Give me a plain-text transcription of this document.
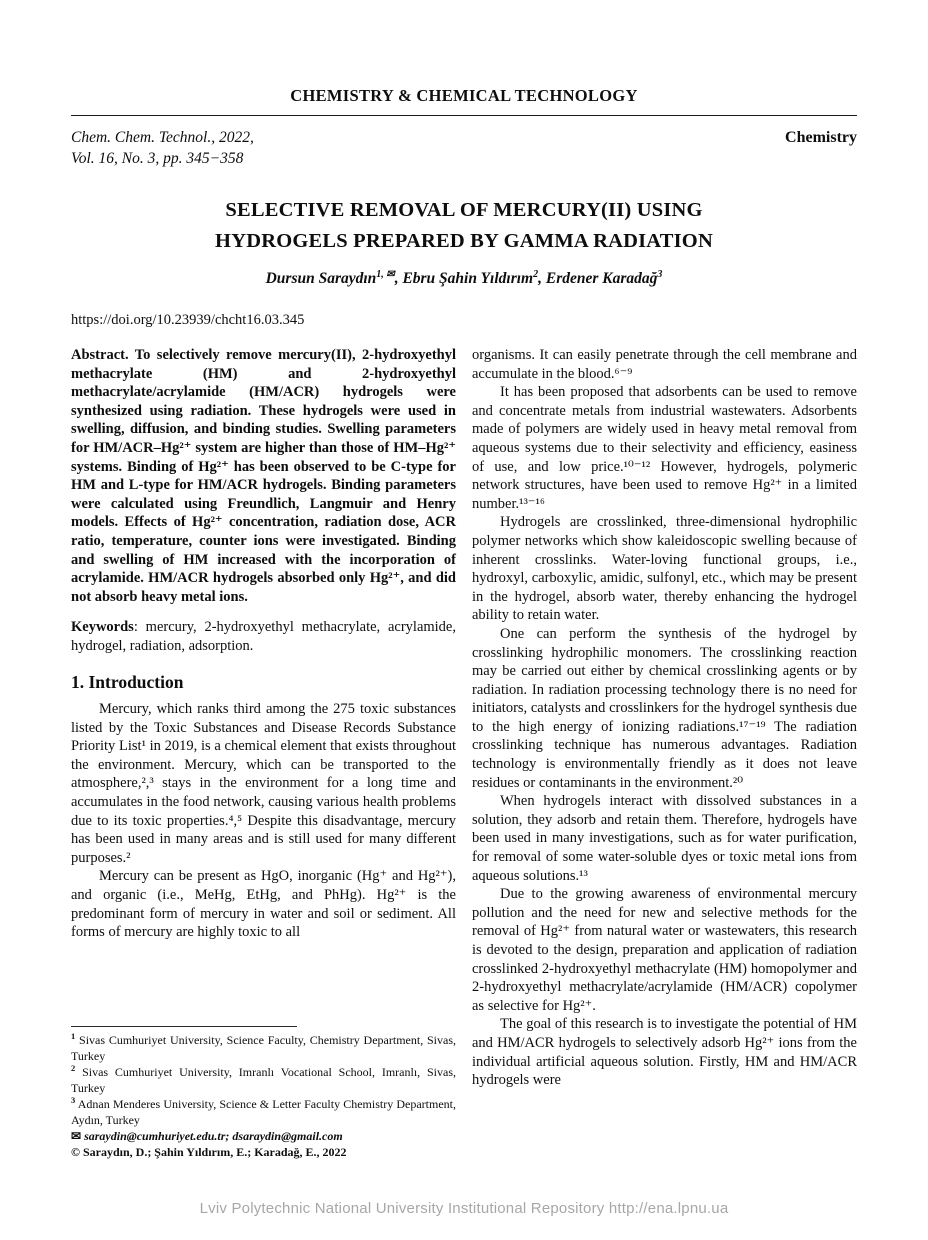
CHEMISTRY & CHEMICAL TECHNOLOGY
Chem. Chem. Technol., 2022,
Vol. 16, No. 3, pp. 345−358
Chemistry
SELECTIVE REMOVAL OF MERCURY(II) USING
HYDROGELS PREPARED BY GAMMA RADIATION
Dursun Saraydın$^{1, ✉}$, Ebru Şahin Yıldırım$^2$, Erdener Karadağ$^3$
https://doi.org/10.23939/chcht16.03.345

Abstract. To selectively remove mercury(II), 2-hydroxyethyl methacrylate (HM) and 2-hydroxyethyl methacrylate/acrylamide (HM/ACR) hydrogels were synthesized using radiation. These hydrogels were used in swelling, diffusion, and binding studies. Swelling parameters for HM/ACR–Hg²⁺ system are higher than those of HM–Hg²⁺ systems. Binding of Hg²⁺ has been observed to be C-type for HM and L-type for HM/ACR hydrogels. Binding parameters were calculated using Freundlich, Langmuir and Henry models. Effects of Hg²⁺ concentration, radiation dose, ACR ratio, temperature, counter ions were investigated. Binding and swelling of HM increased with the incorporation of acrylamide. HM/ACR hydrogels absorbed only Hg²⁺, and did not absorb heavy metal ions.

Keywords: mercury, 2-hydroxyethyl methacrylate, acrylamide, hydrogel, radiation, adsorption.

1. Introduction

Mercury, which ranks third among the 275 toxic substances listed by the Toxic Substances and Disease Records Substance Priority List¹ in 2019, is a chemical element that exists throughout the environment. Mercury, which can be transported to the atmosphere,²,³ stays in the environment for a long time and accumulates in the food network, causing various health problems due to its toxic properties.⁴,⁵ Despite this disadvantage, mercury has been used in many areas and is still used for many different purposes.²

Mercury can be present as HgO, inorganic (Hg⁺ and Hg²⁺), and organic (i.e., MeHg, EtHg, and PhHg). Hg²⁺ is the predominant form of mercury in water and soil or sediment. All forms of mercury are highly toxic to all

$^1$ Sivas Cumhuriyet University, Science Faculty, Chemistry Department, Sivas, Turkey
$^2$ Sivas Cumhuriyet University, Imranlı Vocational School, Imranlı, Sivas, Turkey
$^3$ Adnan Menderes University, Science & Letter Faculty Chemistry Department, Aydın, Turkey
✉ saraydin@cumhuriyet.edu.tr; dsaraydin@gmail.com
© Saraydın, D.; Şahin Yıldırım, E.; Karadağ, E., 2022

organisms. It can easily penetrate through the cell membrane and accumulate in the blood.⁶⁻⁹

It has been proposed that adsorbents can be used to remove and concentrate metals from industrial wastewaters. Adsorbents made of polymers are widely used in heavy metal removal from aqueous systems due to their selectivity and efficiency, easiness of use, and low price.¹⁰⁻¹² However, hydrogels, polymeric network structures, have been used to remove Hg²⁺ in a limited number.¹³⁻¹⁶

Hydrogels are crosslinked, three-dimensional hydrophilic polymer networks which show kaleidoscopic swelling because of inherent crosslinks. Water-loving functional groups, i.e., hydroxyl, carboxylic, amidic, sulfonyl, etc., which may be present in the hydrogel, absorb water, thereby enhancing the hydrogel ability to retain water.

One can perform the synthesis of the hydrogel by crosslinking hydrophilic monomers. The crosslinking reaction may be carried out either by chemical crosslinking agents or by radiation. In radiation processing technology there is no need for initiators, catalysts and crosslinkers for the hydrogel synthesis due to the high energy of ionizing radiations.¹⁷⁻¹⁹ The radiation crosslinking technique has numerous advantages. Radiation technology is environmentally friendly as it does not leave residues or contaminants in the environment.²⁰

When hydrogels interact with dissolved substances in a solution, they adsorb and retain them. Therefore, hydrogels have been used in many investigations, such as for water purification, for removal of some water-soluble dyes or toxic metal ions from aqueous solutions.¹³

Due to the growing awareness of environmental mercury pollution and the need for new and selective methods for the removal of Hg²⁺ from natural water or wastewaters, this research is devoted to the design, preparation and application of radiation crosslinked 2-hydroxyethyl methacrylate (HM) homopolymer and 2-hydroxyethyl methacrylate/acrylamide (HM/ACR) copolymer as selective for Hg²⁺.

The goal of this research is to investigate the potential of HM and HM/ACR hydrogels to selectively adsorb Hg²⁺ ions from the individual artificial aqueous solution. Firstly, HM and HM/ACR hydrogels were

Lviv Polytechnic National University Institutional Repository http://ena.lpnu.ua
